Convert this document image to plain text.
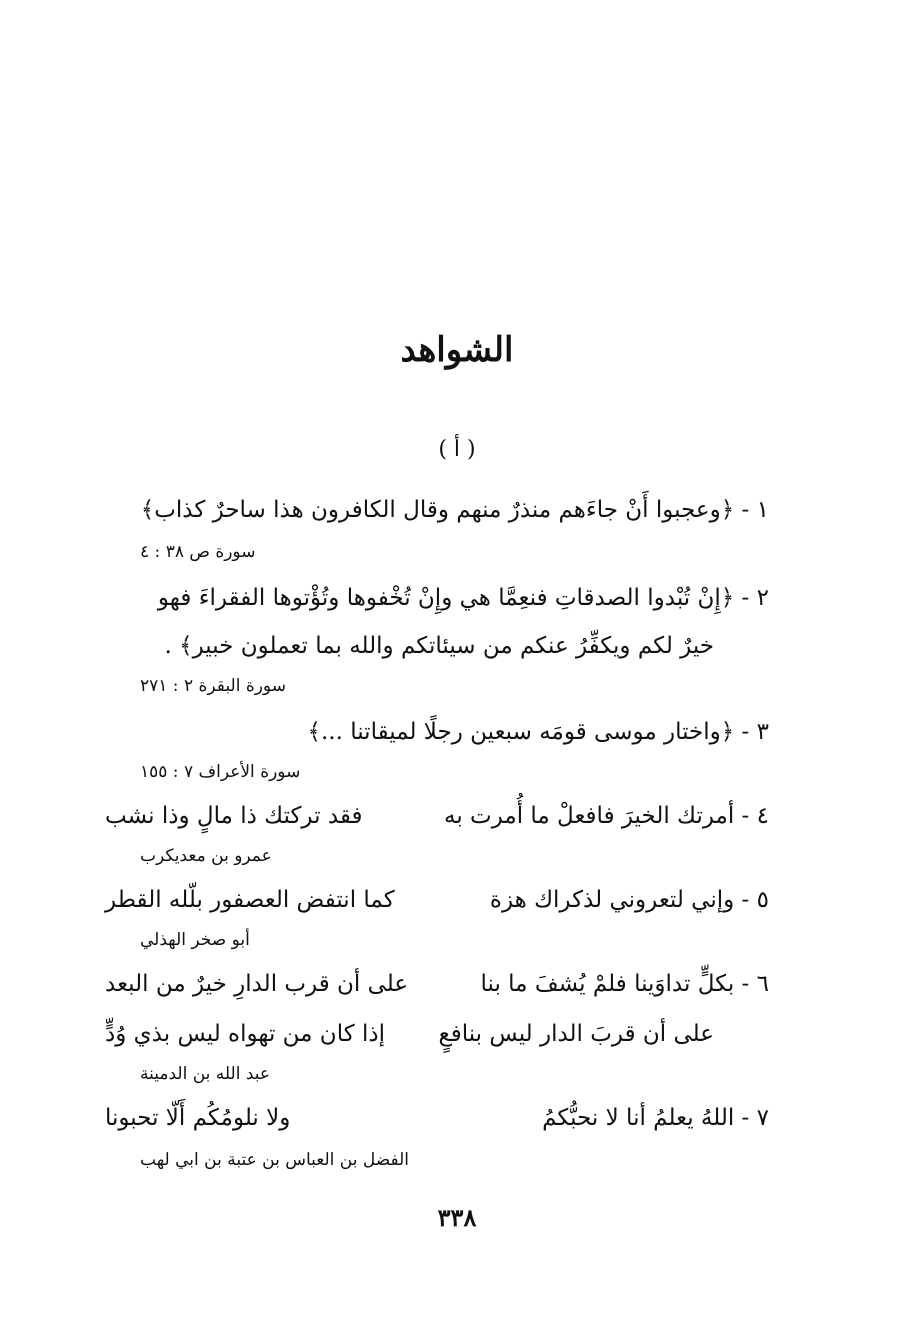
الشواهد
( أ )
١ - ﴿وعجبوا أَنْ جاءَهم منذرٌ منهم وقال الكافرون هذا ساحرٌ كذاب﴾
سورة ص ٣٨ : ٤
٢ - ﴿إِنْ تُبْدوا الصدقاتِ فنعِمَّا هي وإِنْ تُخْفوها وتُؤْتوها الفقراءَ فهو
خيرٌ لكم ويكفِّرُ عنكم من سيئاتكم والله بما تعملون خبير﴾ .
سورة البقرة ٢ : ٢٧١
٣ - ﴿واختار موسى قومَه سبعين رجلًا لميقاتنا ...﴾
سورة الأعراف ٧ : ١٥٥
٤ - أمرتك الخيرَ فافعلْ ما أُمرت به
فقد تركتك ذا مالٍ وذا نشب
عمرو بن معديكرب
٥ - وإني لتعروني لذكراك هزة
كما انتفض العصفور بلّله القطر
أبو صخر الهذلي
٦ - بكلٍّ تداوَينا فلمْ يُشفَ ما بنا
على أن قرب الدارِ خيرٌ من البعد
على أن قربَ الدار ليس بنافعٍ
إذا كان من تهواه ليس بذي وُدٍّ
عبد الله بن الدمينة
٧ - اللهُ يعلمُ أنا لا نحبُّكمُ
ولا نلومُكُم أَلّا تحبونا
الفضل بن العباس بن عتبة بن ابي لهب
٣٣٨
